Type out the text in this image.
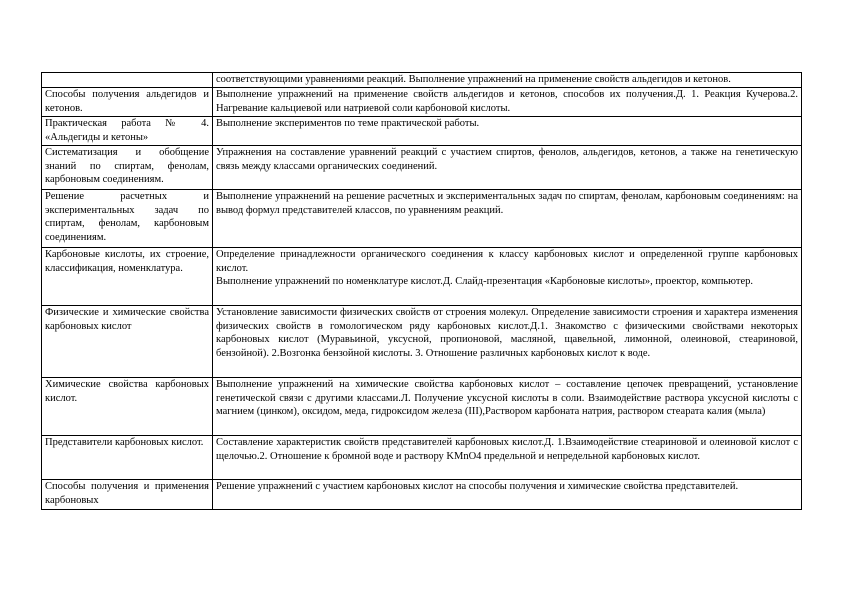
	соответствующими уравнениями реакций. Выполнение упражнений на применение свойств альдегидов и кетонов.

Способы получения альдегидов и кетонов.	Выполнение упражнений на применение свойств альдегидов и кетонов, способов их получения.Д. 1. Реакция Кучерова.2. Нагревание кальциевой или натриевой соли карбоновой кислоты.

Практическая работа № 4. «Альдегиды и кетоны»	Выполнение экспериментов по теме практической работы.

Систематизация и обобщение знаний по спиртам, фенолам, карбоновым соединениям.	Упражнения на составление уравнений реакций с участием спиртов, фенолов, альдегидов, кетонов, а также на генетическую связь между классами органических соединений.

Решение расчетных и экспериментальных задач по спиртам, фенолам, карбоновым соединениям.	Выполнение упражнений на решение расчетных и экспериментальных задач по спиртам, фенолам, карбоновым соединениям: на вывод формул представителей классов, по уравнениям реакций.

Карбоновые кислоты, их строение, классификация, номенклатура.	Определение принадлежности органического соединения к классу карбоновых кислот и определенной группе карбоновых кислот.
Выполнение упражнений по номенклатуре кислот.Д. Слайд-презентация «Карбоновые кислоты», проектор, компьютер.

Физические и химические свойства карбоновых кислот	Установление зависимости физических свойств от строения молекул. Определение зависимости строения и характера изменения физических свойств в гомологическом ряду карбоновых кислот.Д.1. Знакомство с физическими свойствами некоторых карбоновых кислот (Муравьиной, уксусной, пропионовой, масляной, щавельной, лимонной, олеиновой, стеариновой, бензойной). 2.Возгонка бензойной кислоты. 3. Отношение различных карбоновых кислот к воде.

Химические свойства карбоновых кислот.	Выполнение упражнений на химические свойства карбоновых кислот – составление цепочек превращений, установление генетической связи с другими классами.Л. Получение уксусной кислоты в соли. Взаимодействие раствора уксусной кислоты с магнием (цинком), оксидом, меда, гидроксидом железа (III),Раствором карбоната натрия, раствором стеарата калия (мыла)

Представители карбоновых кислот.	Составление характеристик свойств представителей карбоновых кислот.Д. 1.Взаимодействие стеариновой и олеиновой кислот с щелочью.2. Отношение к бромной воде и раствору KMnO4 предельной и непредельной карбоновых кислот.

Способы получения и применения карбоновых	Решение упражнений с участием карбоновых кислот на способы получения и химические свойства представителей.
